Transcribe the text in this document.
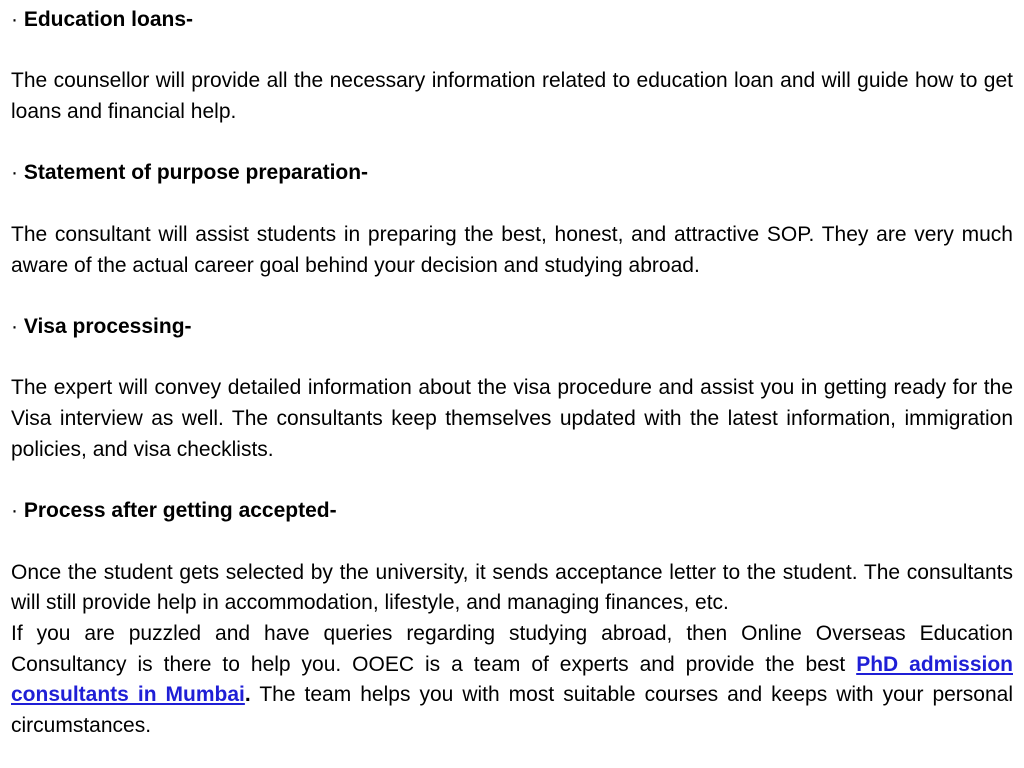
· Education loans-

The counsellor will provide all the necessary information related to education loan and will guide how to get loans and financial help.

· Statement of purpose preparation-

The consultant will assist students in preparing the best, honest, and attractive SOP. They are very much aware of the actual career goal behind your decision and studying abroad.

· Visa processing-

The expert will convey detailed information about the visa procedure and assist you in getting ready for the Visa interview as well. The consultants keep themselves updated with the latest information, immigration policies, and visa checklists.

· Process after getting accepted-

Once the student gets selected by the university, it sends acceptance letter to the student. The consultants will still provide help in accommodation, lifestyle, and managing finances, etc.

If you are puzzled and have queries regarding studying abroad, then Online Overseas Education Consultancy is there to help you. OOEC is a team of experts and provide the best PhD admission consultants in Mumbai. The team helps you with most suitable courses and keeps with your personal circumstances.
